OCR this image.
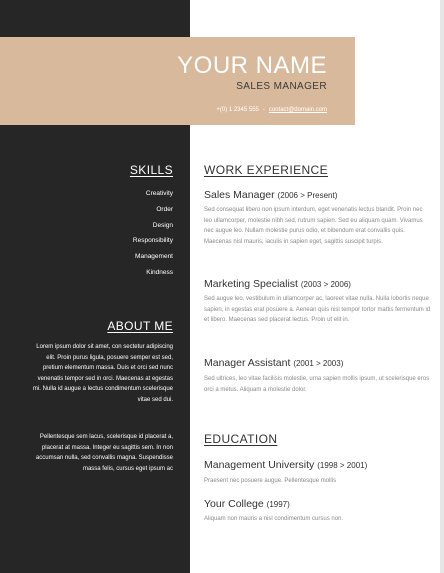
YOUR NAME
SALES MANAGER
+(0) 1 2345 555 - contact@domain.com
SKILLS
Creativity
Order
Design
Responsibility
Management
Kindness
ABOUT ME

Lorem ipsum dolor sit amet, con sectetur adipiscing elit. Proin purus ligula, posuere semper est sed, pretium elementum massa. Duis et orci sed nunc venenatis tempor sed in orci. Maecenas at egestas mi. Nulla id augue a lectus condimentum scelerisque vitae sed dui.

Pellentesque sem lacus, scelerisque id placerat a, placerat at massa. Integer eu sagittis sem. In non accumsan nulla, sed convallis magna. Suspendisse massa felis, cursus eget ipsum ac

WORK EXPERIENCE
Sales Manager (2006 > Present)

Sed consequat libero non ipsum interdum, eget venenatis lectus blandit. Proin nec leo ullamcorper, molestie nibh sed, rutrum sapien. Sed eu aliquam quam. Vivamus nec augue leo. Nullam molestie purus odio, et bibendum erat convallis quis. Maecenas nisl mauris, iaculis in sapien eget, sagittis suscipit turpis.

Marketing Specialist (2003 > 2006)

Sed augue leo, vestibulum in ullamcorper ac, laoreet vitae nulla. Nulla lobortis neque sapien, in egestas erat posuere a. Aenean quis nisl tempor tortor mattis fermentum id et libero. Maecenas sed placerat lectus. Proin ut elit in.

Manager Assistant (2001 > 2003)

Sed ultrices, leo vitae facilisis molestie, urna sapien mollis ipsum, ut scelerisque eros orci a metus. Aliquam a molestie dolor.

EDUCATION
Management University (1998 > 2001)

Praesent nec posuere augue. Pellentesque mollis

Your College (1997)

Aliquam non mauris a nisl condimentum cursus non.
